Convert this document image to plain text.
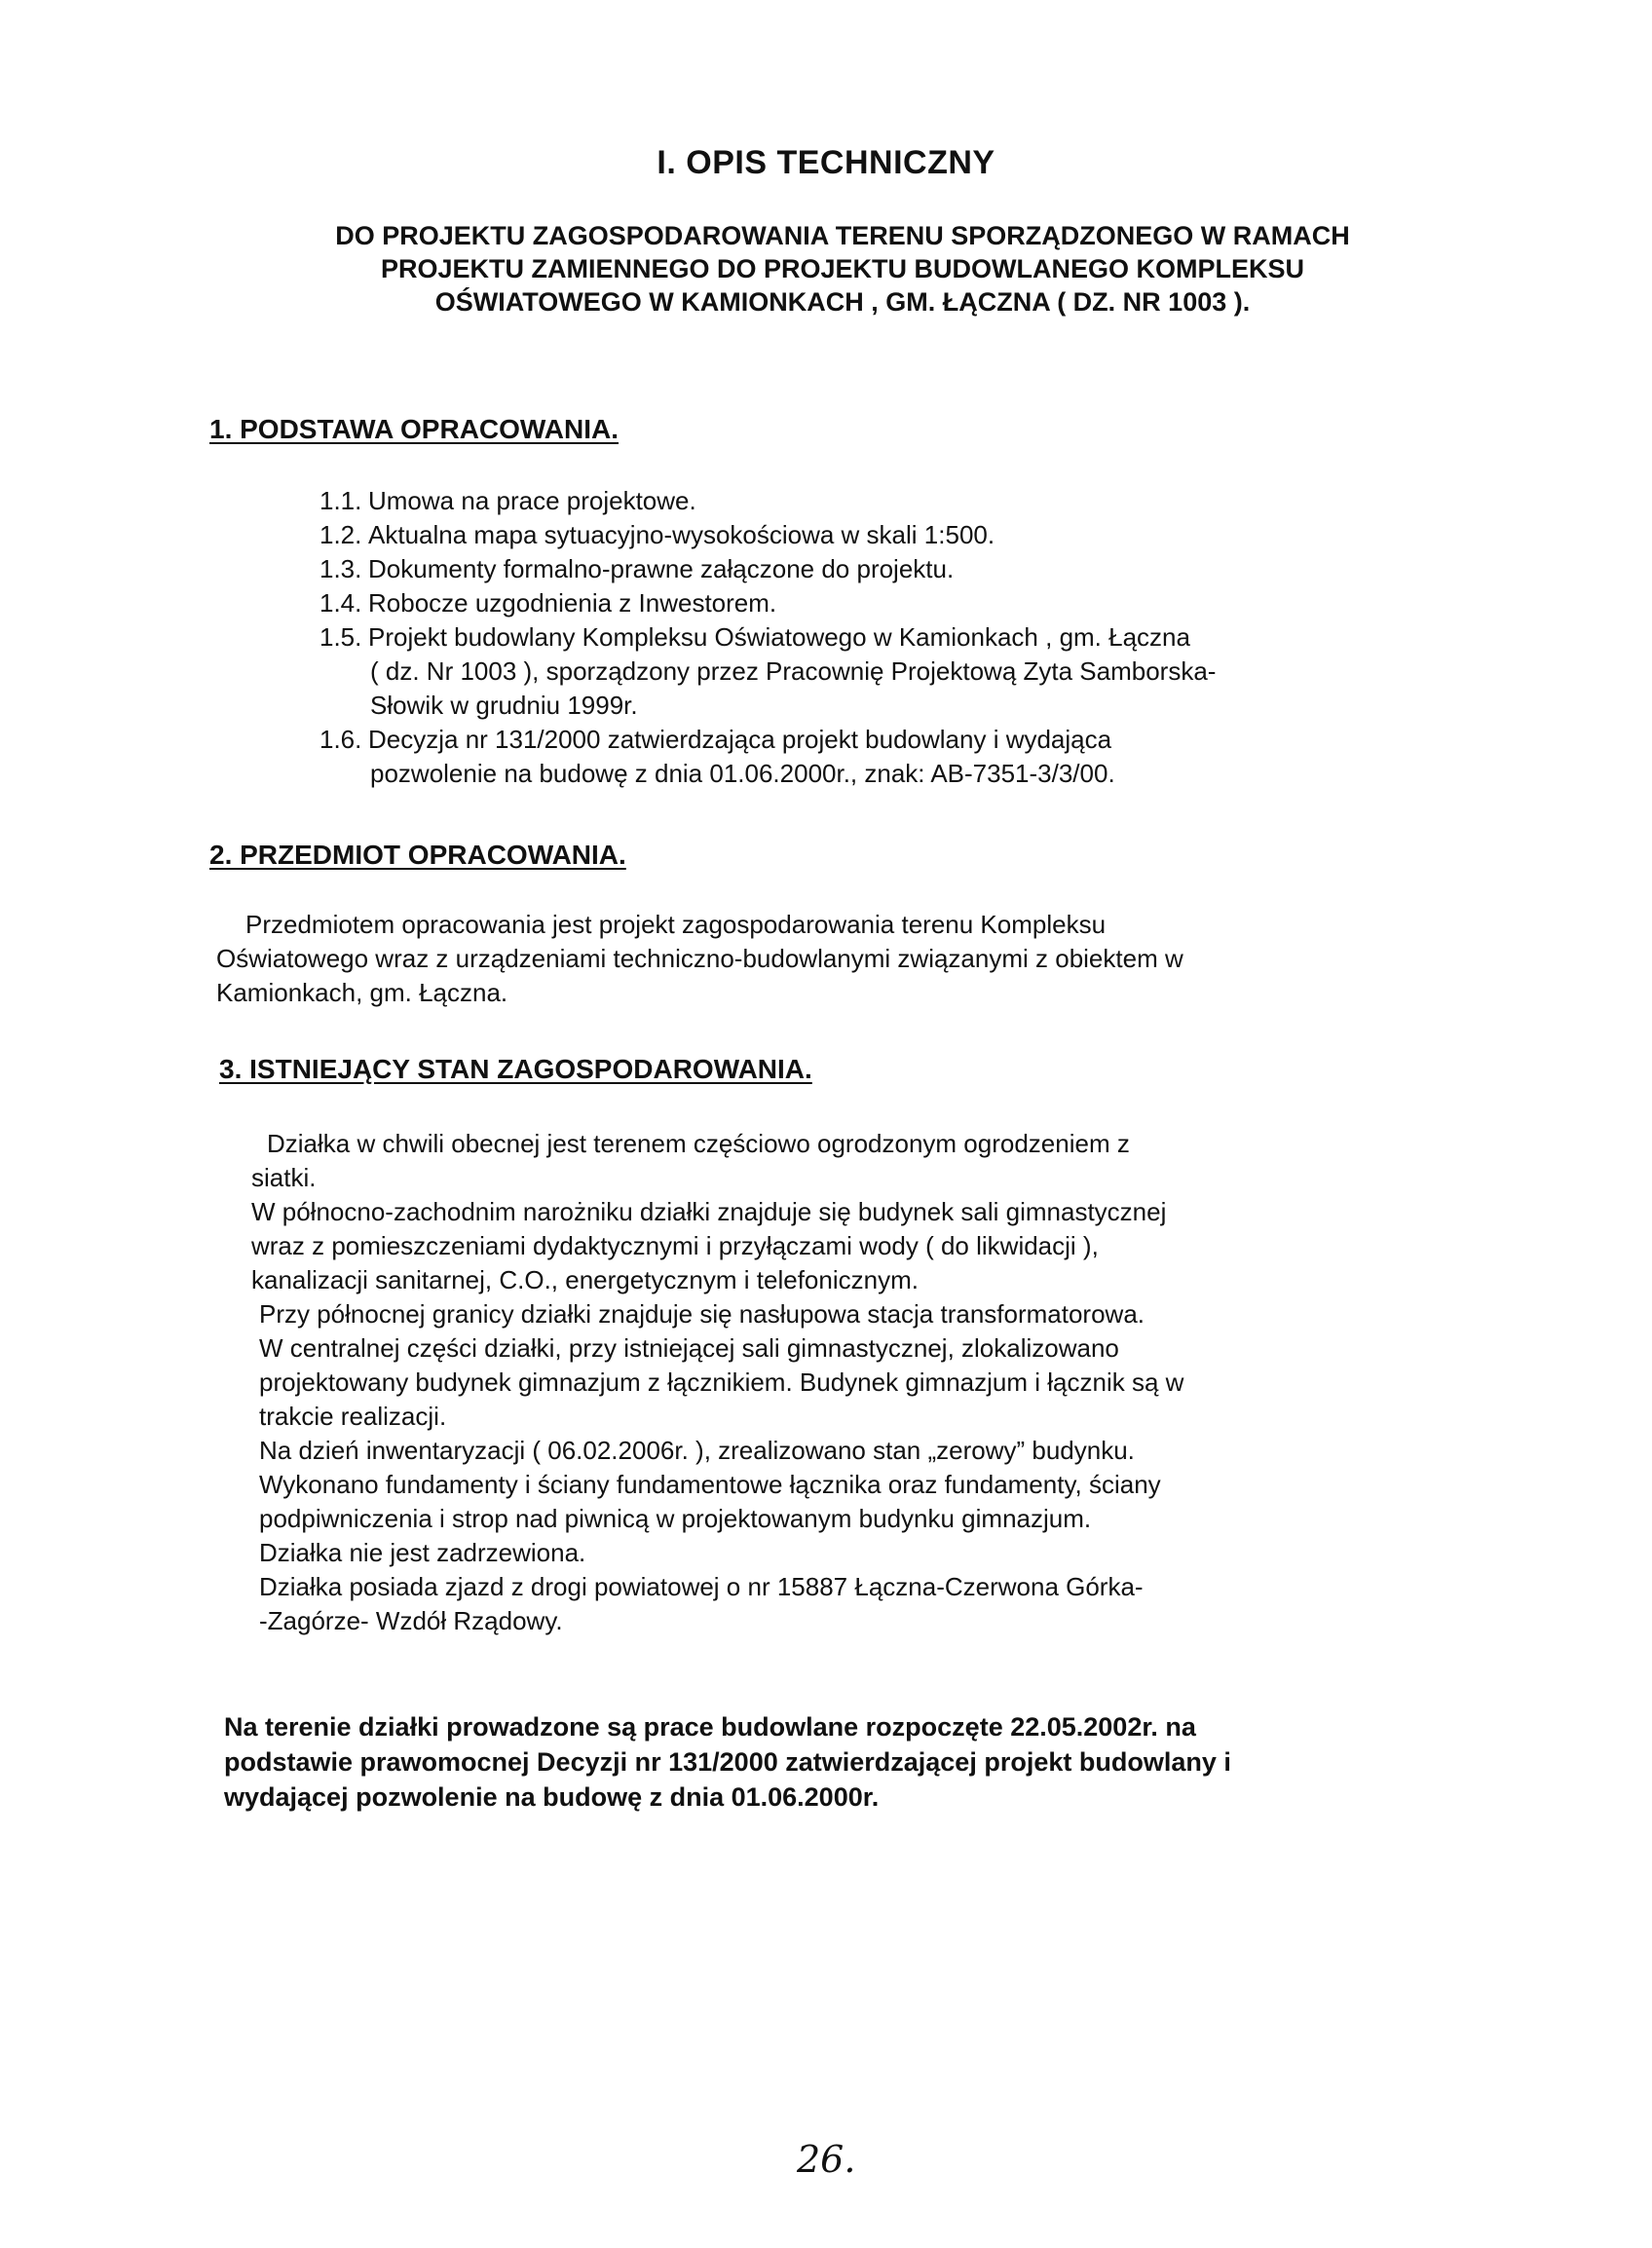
I. OPIS TECHNICZNY
DO PROJEKTU ZAGOSPODAROWANIA TERENU SPORZĄDZONEGO W RAMACH
PROJEKTU ZAMIENNEGO DO PROJEKTU BUDOWLANEGO KOMPLEKSU
OŚWIATOWEGO W KAMIONKACH , GM. ŁĄCZNA ( DZ. NR 1003 ).
1. PODSTAWA OPRACOWANIA.
1.1. Umowa na prace projektowe.
1.2. Aktualna mapa sytuacyjno-wysokościowa w skali 1:500.
1.3. Dokumenty formalno-prawne załączone do projektu.
1.4. Robocze uzgodnienia z Inwestorem.
1.5. Projekt budowlany Kompleksu Oświatowego w Kamionkach , gm. Łączna
( dz. Nr 1003 ), sporządzony przez Pracownię Projektową Zyta Samborska-
Słowik w grudniu 1999r.
1.6. Decyzja nr 131/2000 zatwierdzająca projekt budowlany i wydająca
pozwolenie na budowę z dnia 01.06.2000r., znak: AB-7351-3/3/00.
2. PRZEDMIOT OPRACOWANIA.
Przedmiotem opracowania jest projekt zagospodarowania terenu Kompleksu
Oświatowego wraz z urządzeniami techniczno-budowlanymi związanymi z obiektem w
Kamionkach, gm. Łączna.
3. ISTNIEJĄCY STAN ZAGOSPODAROWANIA.
Działka w chwili obecnej jest terenem częściowo ogrodzonym ogrodzeniem z
siatki.
W północno-zachodnim narożniku działki znajduje się budynek sali gimnastycznej
wraz z pomieszczeniami dydaktycznymi i przyłączami wody ( do likwidacji ),
kanalizacji sanitarnej, C.O., energetycznym i telefonicznym.
Przy północnej granicy działki znajduje się nasłupowa stacja transformatorowa.
W centralnej części działki, przy istniejącej sali gimnastycznej, zlokalizowano
projektowany budynek gimnazjum z łącznikiem. Budynek gimnazjum i łącznik są w
trakcie realizacji.
Na dzień inwentaryzacji ( 06.02.2006r. ), zrealizowano stan „zerowy” budynku.
Wykonano fundamenty i ściany fundamentowe łącznika oraz fundamenty, ściany
podpiwniczenia i strop nad piwnicą w projektowanym budynku gimnazjum.
Działka nie jest zadrzewiona.
Działka posiada zjazd z drogi powiatowej o nr 15887 Łączna-Czerwona Górka-
-Zagórze- Wzdół Rządowy.
Na terenie działki prowadzone są prace budowlane rozpoczęte 22.05.2002r. na
podstawie prawomocnej Decyzji nr 131/2000 zatwierdzającej projekt budowlany i
wydającej pozwolenie na budowę z dnia 01.06.2000r.
26.
